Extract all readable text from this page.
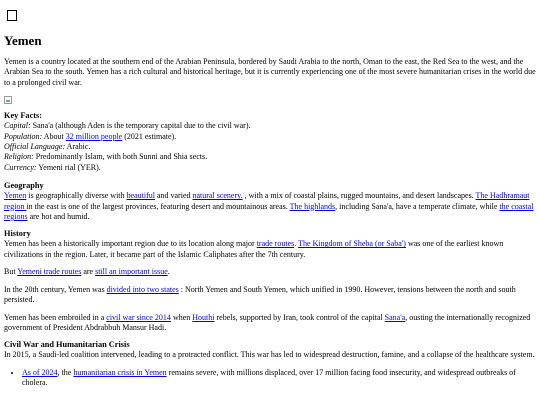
Yemen

Yemen is a country located at the southern end of the Arabian Peninsula, bordered by Saudi Arabia to the north, Oman to the east, the Red Sea to the west, and the Arabian Sea to the south. Yemen has a rich cultural and historical heritage, but it is currently experiencing one of the most severe humanitarian crises in the world due to a prolonged civil war.

Key Facts:
Capital: Sana'a (although Aden is the temporary capital due to the civil war).
Population: About 32 million people (2021 estimate).
Official Language: Arabic.
Religion: Predominantly Islam, with both Sunni and Shia sects.
Currency: Yemeni rial (YER).
Geography

Yemen is geographically diverse with beautiful and varied natural scenery. , with a mix of coastal plains, rugged mountains, and desert landscapes. The Hadhramaut region in the east is one of the largest provinces, featuring desert and mountainous areas. The highlands, including Sana'a, have a temperate climate, while the coastal regions are hot and humid.

History

Yemen has been a historically important region due to its location along major trade routes. The Kingdom of Sheba (or Saba') was one of the earliest known civilizations in the region. Later, it became part of the Islamic Caliphates after the 7th century.

But Yemeni trade routes are still an important issue.

In the 20th century, Yemen was divided into two states : North Yemen and South Yemen, which unified in 1990. However, tensions between the north and south persisted.

Yemen has been embroiled in a civil war since 2014 when Houthi rebels, supported by Iran, took control of the capital Sana'a, ousting the internationally recognized government of President Abdrabbuh Mansur Hadi.

Civil War and Humanitarian Crisis

In 2015, a Saudi-led coalition intervened, leading to a protracted conflict. This war has led to widespread destruction, famine, and a collapse of the healthcare system.

• As of 2024, the humanitarian crisis in Yemen remains severe, with millions displaced, over 17 million facing food insecurity, and widespread outbreaks of cholera.
